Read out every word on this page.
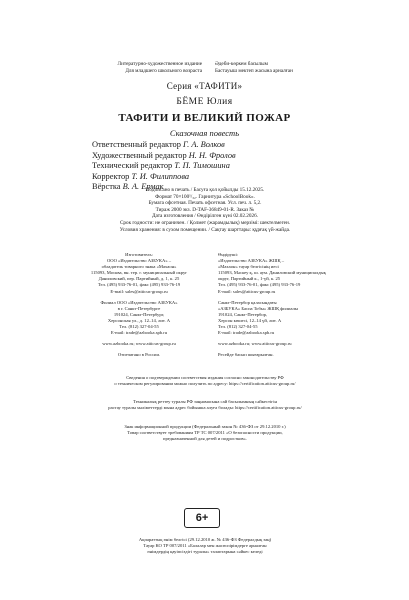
Литературно-художественное издание
Для младшего школьного возраста
Әдеби-көркем басылым
Бастауыш мектеп жасына арналған
Серия «ТАФИТИ»
БЁМЕ Юлия
ТАФИТИ И ВЕЛИКИЙ ПОЖАР
Сказочная повесть
Ответственный редактор Г. А. Волков
Художественный редактор Н. Н. Фролов
Технический редактор Т. П. Тимошина
Корректор Т. И. Филиппова
Вёрстка В. А. Ермак
Подписано в печать / Басуға қол қойылды 15.12.2025.
Формат 70×100¹/₃₂. Гарнитура «SchoolBook».
Бумага офсетная. Печать офсетная. Усл. печ. л. 5,2.
Тираж 2000 экз. D-TAF-36849-01-R. Заказ №
Дата изготовления / Өндірілген күні 02.02.2026.
Срок годности: не ограничен. / Қолмет (жарамдылық) мерзімі: шектелмеген.
Условия хранения: в сухом помещении. / Сақтау шарттары: құрғақ үй-жайда.
Изготовитель:
ООО «Издательство АЗБУКА» –
обладатель товарного знака «Махаон»
115093, Москва, вн. тер. г. муниципальный округ
Даниловский, пер. Партийный, д. 1, к. 25
Тел. (495) 933-76-01, факс (495) 933-76-19
E-mail: sales@atticus-group.ru
Филиал ООО «Издательство АЗБУКА»
в г. Санкт-Петербурге
191024, Санкт-Петербург,
Херсонская ул., д. 12–14, лит. А
Тел. (812) 327-04-55
E-mail: trade@azbooka.spb.ru
www.azbooka.ru; www.atticus-group.ru
Отпечатано в России.
Өндіруші:
«Издательство АЗБУКА» ЖШҚ –
«Махаон» тауар белгісінің иесі
115093, Мәскеу қ, ш. аум. Даниловский муниципалдық
округ, Партийный к., 1-үй, к. 25
Тел. (495) 933-76-01, факс (495) 933-76-19
E-mail: sales@atticus-group.ru
Санкт-Петербор қаласындағы
«АЗБУКА» Баспа Тобы» ЖШҚ филиалы
191024, Санкт-Петербор,
Херсон көшесі, 12–14 үй, лит. А
Тел. (812) 327-04-55
E-mail: trade@azbooka.spb.ru
www.azbooka.ru; www.atticus-group.ru
Ресейде басып шығарылған.
Сведения о подтверждении соответствия издания согласно законодательству РФ
о техническом регулировании можно получить по адресу: https://certification.atticus-group.ru/
Техникалық реттеу туралы РФ заңнамасына сай басылымның сәйкестігін
растау туралы мәліметтерді мына адрес бойынша алуға болады: https://certification.atticus-group.ru/
Знак информационной продукции (Федеральный закон № 436-ФЗ от 29.12.2010 г.)
Товар соответствует требованиям ТР ТС 007/2011 «О безопасности продукции,
предназначенной для детей и подростков».
6+
Ақпараттық өнім белгісі (29.12.2010 ж. № 436-ФЗ Федералдық заң)
Тауар КО ТР 007/2011 «Балалар мен жасөспірімдерге арналған
өнімдердің қауіпсіздігі туралы» талаптарына сәйкес келеді
